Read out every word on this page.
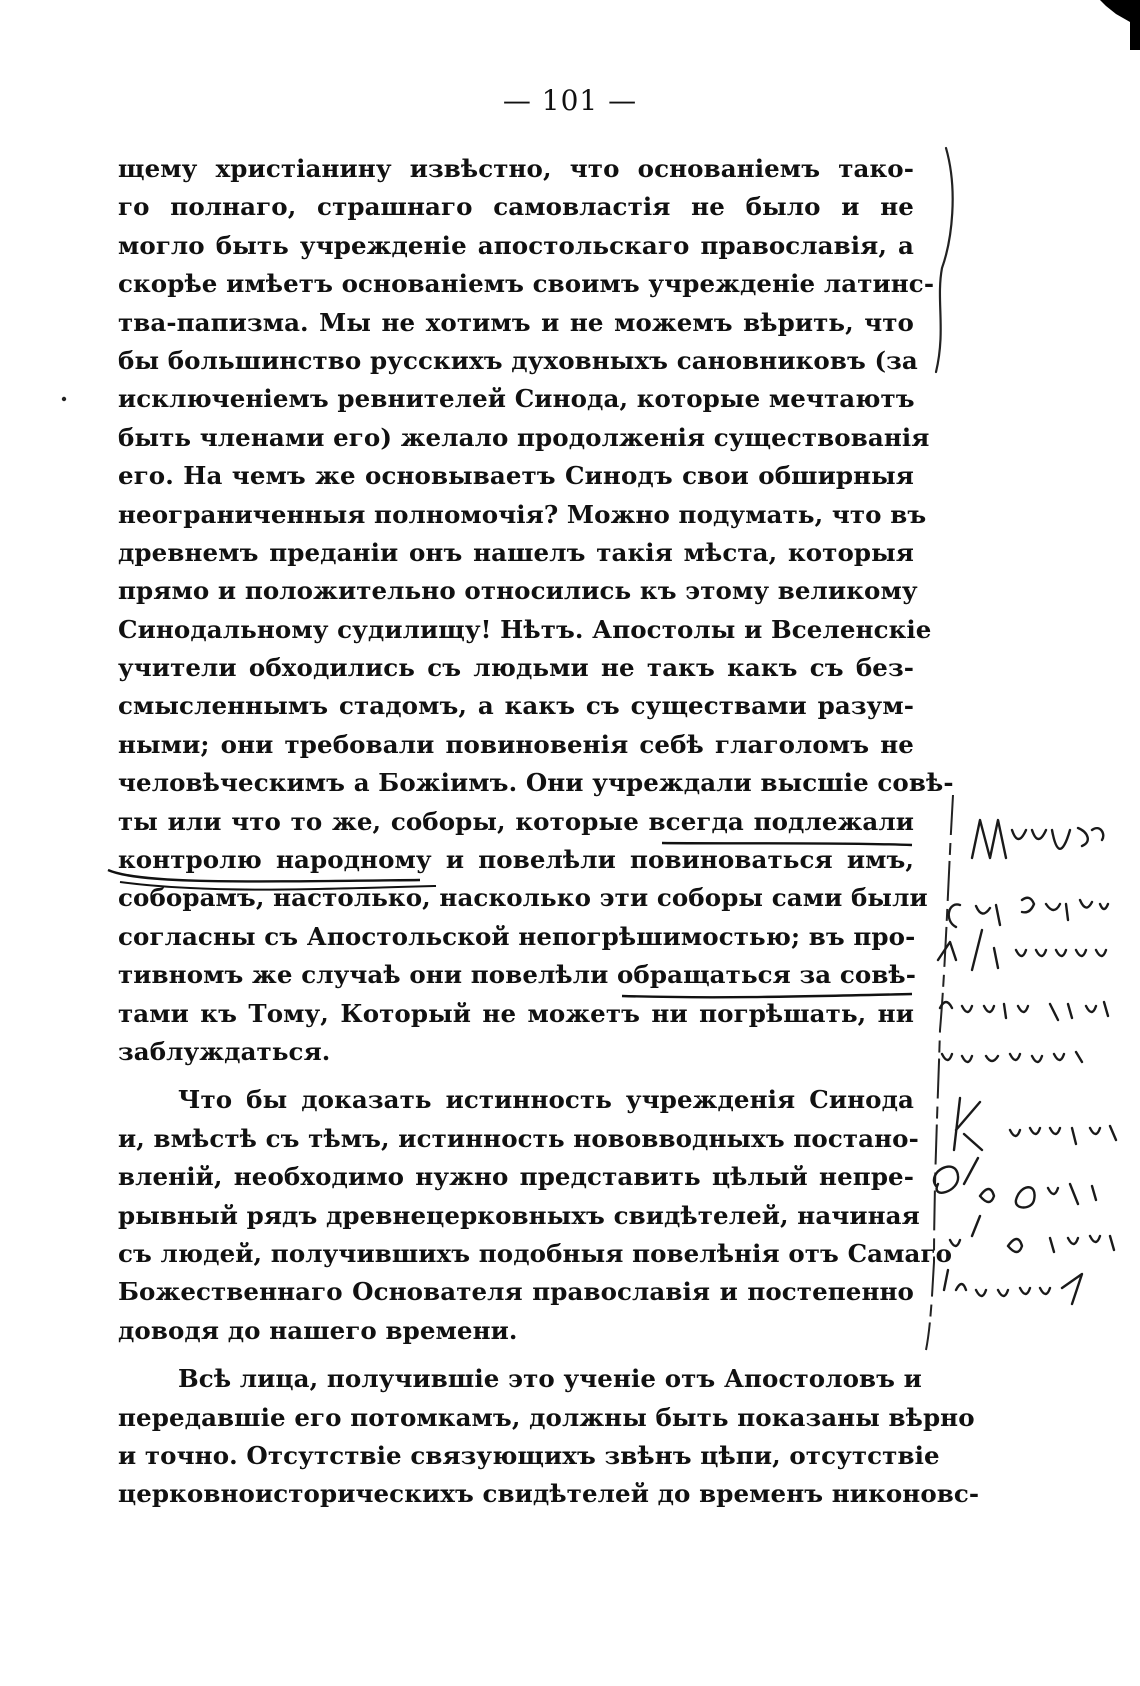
— 101 —
щему христіанину извѣстно, что основаніемъ тако-
го полнаго, страшнаго самовластія не было и не
могло быть учрежденіе апостольскаго православія, а
скорѣе имѣетъ основаніемъ своимъ учрежденіе латинс-
тва-папизма. Мы не хотимъ и не можемъ вѣрить, что
бы большинство русскихъ духовныхъ сановниковъ (за
исключеніемъ ревнителей Синода, которые мечтаютъ
быть членами его) желало продолженія существованія
его. На чемъ же основываетъ Синодъ свои обширныя
неограниченныя полномочія? Можно подумать, что въ
древнемъ преданіи онъ нашелъ такія мѣста, которыя
прямо и положительно относились къ этому великому
Синодальному судилищу! Нѣтъ. Апостолы и Вселенскіе
учители обходились съ людьми не такъ какъ съ без-
смысленнымъ стадомъ, а какъ съ существами разум-
ными; они требовали повиновенія себѣ глаголомъ не
человѣческимъ а Божіимъ. Они учреждали высшіе совѣ-
ты или что то же, соборы, которые всегда подлежали
контролю народному и повелѣли повиноваться имъ,
соборамъ, настолько, насколько эти соборы сами были
согласны съ Апостольской непогрѣшимостью; въ про-
тивномъ же случаѣ они повелѣли обращаться за совѣ-
тами къ Тому, Который не можетъ ни погрѣшать, ни
заблуждаться.
Что бы доказать истинность учрежденія Синода
и, вмѣстѣ съ тѣмъ, истинность нововводныхъ постано-
вленій, необходимо нужно представить цѣлый непре-
рывный рядъ древнецерковныхъ свидѣтелей, начиная
съ людей, получившихъ подобныя повелѣнія отъ Самаго
Божественнаго Основателя православія и постепенно
доводя до нашего времени.
Всѣ лица, получившіе это ученіе отъ Апостоловъ и
передавшіе его потомкамъ, должны быть показаны вѣрно
и точно. Отсутствіе связующихъ звѣнъ цѣпи, отсутствіе
церковноисторическихъ свидѣтелей до временъ никоновс-
